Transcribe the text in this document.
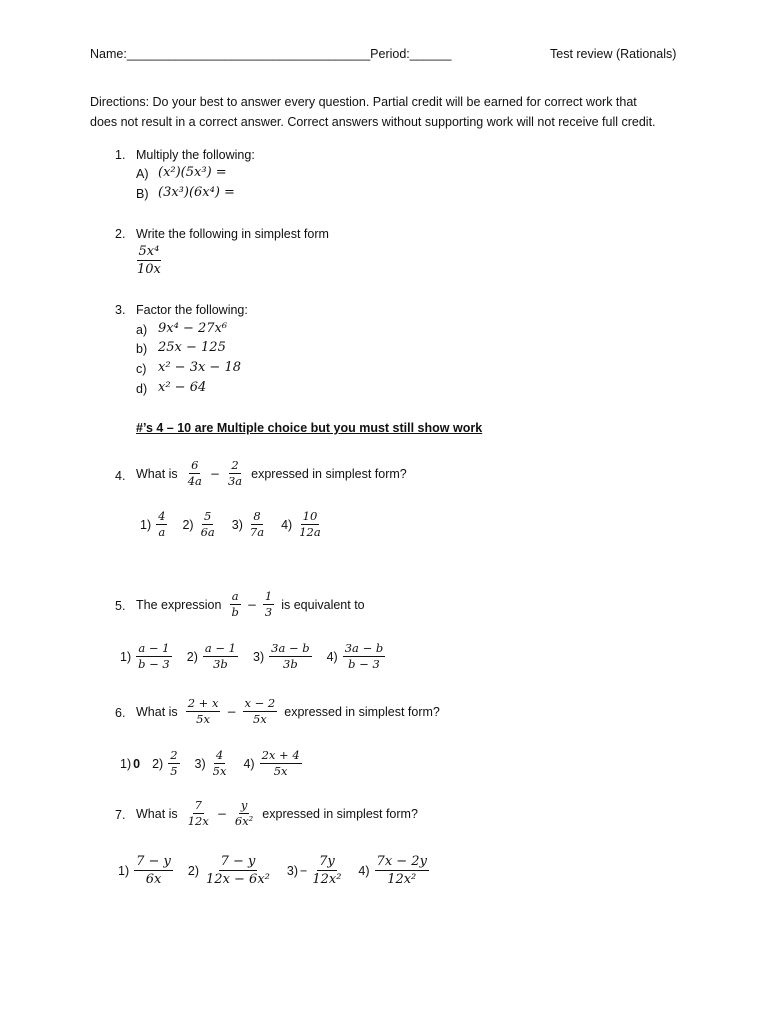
Name:___________________________________Period:______	Test review (Rationals)
Directions: Do your best to answer every question. Partial credit will be earned for correct work that
does not result in a correct answer. Correct answers without supporting work will not receive full credit.
1. Multiply the following:
A) (x²)(5x³) =
B) (3x³)(6x⁴) =
2. Write the following in simplest form
$\frac{\text{5x⁴}}{10x}$
3. Factor the following:
a) 9x⁴ − 27x⁶
b) 25x − 125
c) x² − 3x − 18
d) x² − 64
#’s 4 – 10 are Multiple choice but you must still show work
4. What is $\frac{6}{4a} - \frac{2}{3a}$ expressed in simplest form?
$1) \frac{4}{a} 2) \frac{5}{6a} 3) \frac{8}{7a} 4) \frac{10}{12a}$
5. The expression $\frac{a}{b} - \frac{1}{3}$ is equivalent to
$1) \frac{a - 1}{b - 3} 2) \frac{a - 1}{3b} 3) \frac{3a - b}{3b} 4) \frac{3a - b}{b - 3}$
6. What is $\frac{2 + x}{5x} - \frac{x - 2}{5x}$ expressed in simplest form?
1) 0 $2) \frac{2}{5} 3) \frac{4}{5x} 4) \frac{2x + 4}{5x}$
7. What is $\frac{7}{12x} - \frac{y}{\text{6x²}}$ expressed in simplest form?
$1) \frac{7 - y}{6x} 2) \frac{7 - y}{\text{12x − 6x²}} 3) - \frac{7y}{\text{12x²}} 4) \frac{7x - 2y}{\text{12x²}}$
